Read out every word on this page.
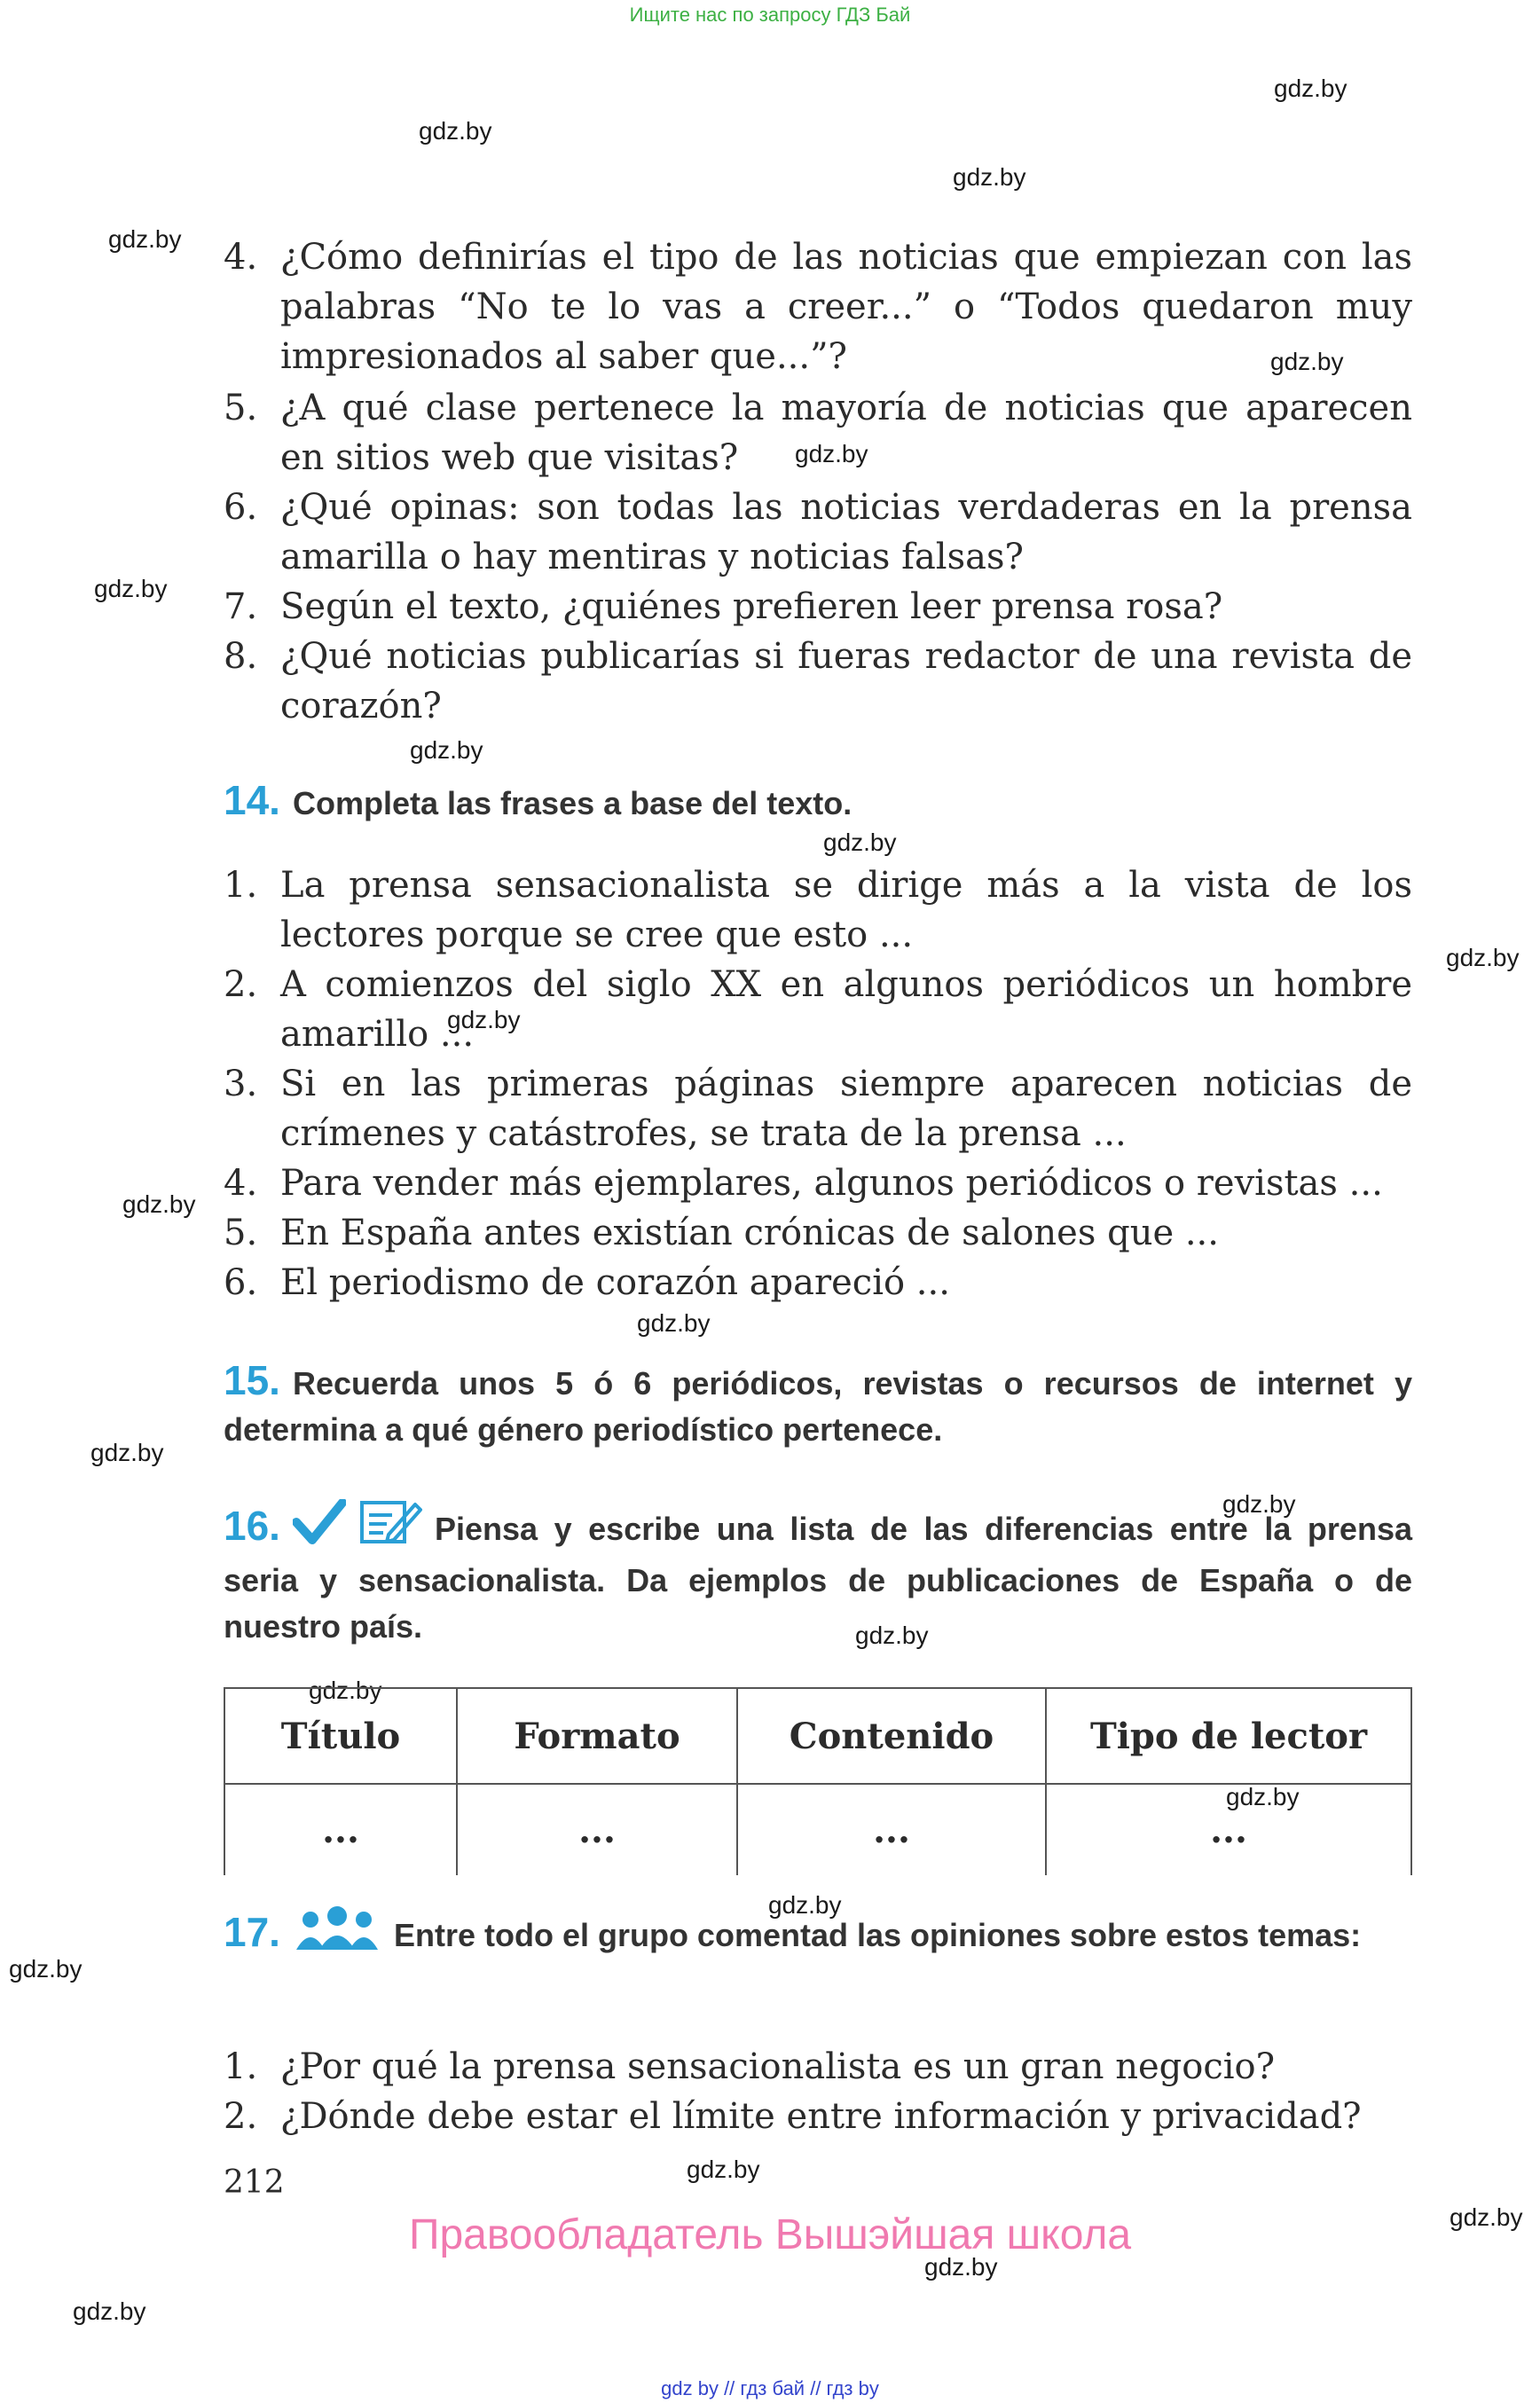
Ищите нас по запросу ГДЗ Бай
gdz.by
gdz.by
gdz.by
gdz.by
gdz.by
gdz.by
gdz.by
gdz.by
gdz.by
gdz.by
gdz.by
gdz.by
gdz.by
gdz.by
gdz.by
gdz.by
gdz.by
gdz.by
gdz.by
gdz.by
gdz.by
gdz.by
gdz.by
gdz.by
4. ¿Cómo definirías el tipo de las noticias que empiezan con las palabras “No te lo vas a creer...” o “Todos quedaron muy impresionados al saber que...”?
5. ¿A qué clase pertenece la mayoría de noticias que aparecen en sitios web que visitas?
6. ¿Qué opinas: son todas las noticias verdaderas en la prensa amarilla o hay mentiras y noticias falsas?
7. Según el texto, ¿quiénes prefieren leer prensa rosa?
8. ¿Qué noticias publicarías si fueras redactor de una revista de corazón?
14. Completa las frases a base del texto.
1. La prensa sensacionalista se dirige más a la vista de los lectores porque se cree que esto ...
2. A comienzos del siglo XX en algunos periódicos un hombre amarillo ...
3. Si en las primeras páginas siempre aparecen noticias de crímenes y catástrofes, se trata de la prensa ...
4. Para vender más ejemplares, algunos periódicos o revistas ...
5. En España antes existían crónicas de salones que ...
6. El periodismo de corazón apareció ...
15. Recuerda unos 5 ó 6 periódicos, revistas o recursos de internet y determina a qué género periodístico pertenece.
16.	Piensa y escribe una lista de las diferencias entre la prensa seria y sensacionalista. Da ejemplos de publicaciones de España o de nuestro país.
Título	Formato	Contenido	Tipo de lector
...	...	...	...
17.	Entre todo el grupo comentad las opiniones sobre estos temas:
1. ¿Por qué la prensa sensacionalista es un gran negocio?
2. ¿Dónde debe estar el límite entre información y privacidad?
212
Правообладатель Вышэйшая школа
gdz by // гдз бай // гдз by
